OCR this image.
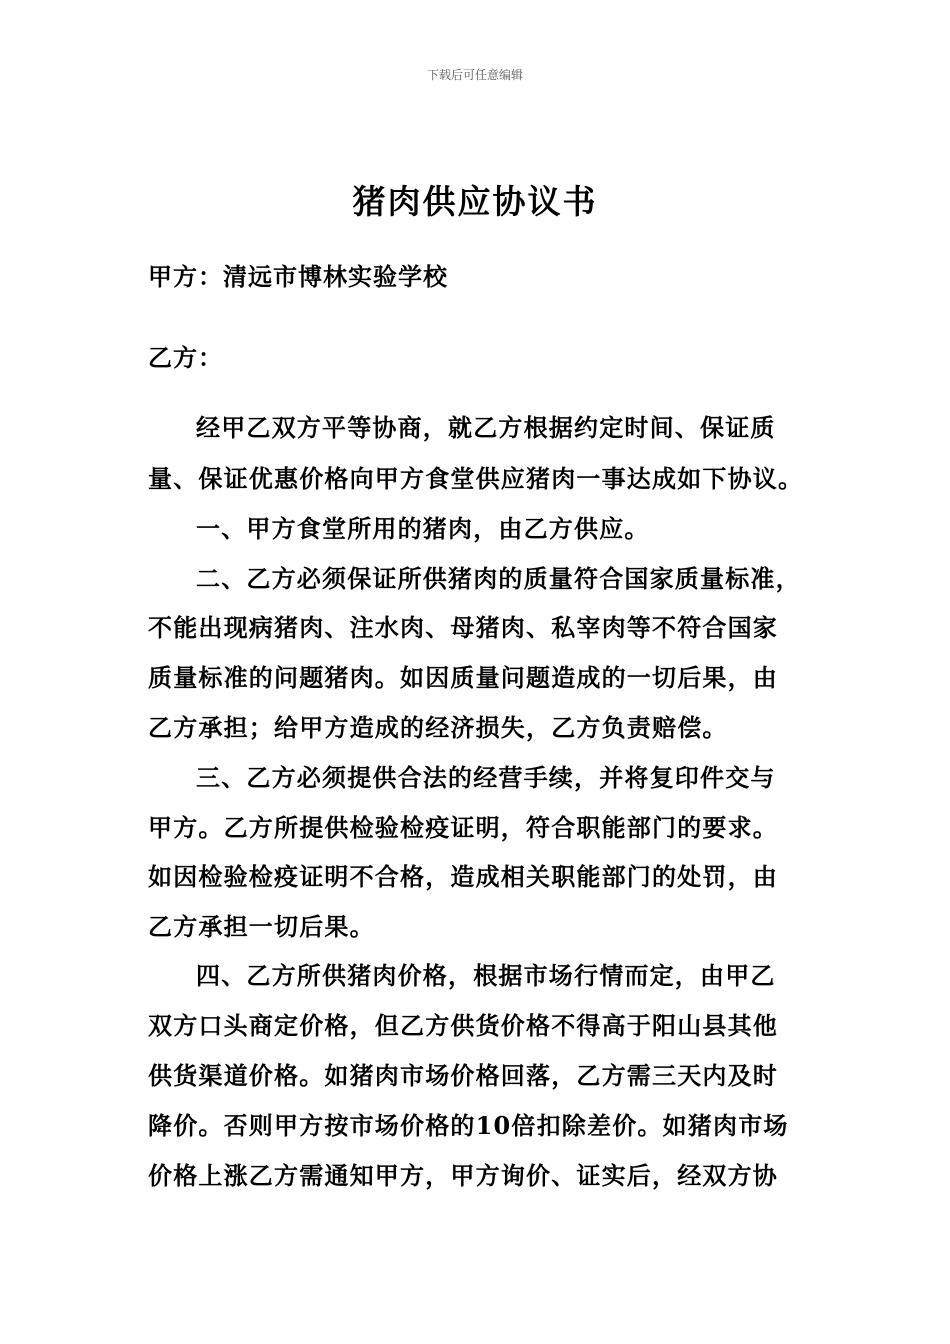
下载后可任意编辑
猪肉供应协议书
甲方：清远市博林实验学校
乙方：
经甲乙双方平等协商，就乙方根据约定时间、保证质
量、保证优惠价格向甲方食堂供应猪肉一事达成如下协议。
一、甲方食堂所用的猪肉，由乙方供应。
二、乙方必须保证所供猪肉的质量符合国家质量标准，
不能出现病猪肉、注水肉、母猪肉、私宰肉等不符合国家
质量标准的问题猪肉。如因质量问题造成的一切后果，由
乙方承担；给甲方造成的经济损失，乙方负责赔偿。
三、乙方必须提供合法的经营手续，并将复印件交与
甲方。乙方所提供检验检疫证明，符合职能部门的要求。
如因检验检疫证明不合格，造成相关职能部门的处罚，由
乙方承担一切后果。
四、乙方所供猪肉价格，根据市场行情而定，由甲乙
双方口头商定价格，但乙方供货价格不得高于阳山县其他
供货渠道价格。如猪肉市场价格回落，乙方需三天内及时
降价。否则甲方按市场价格的10倍扣除差价。如猪肉市场
价格上涨乙方需通知甲方，甲方询价、证实后，经双方协
